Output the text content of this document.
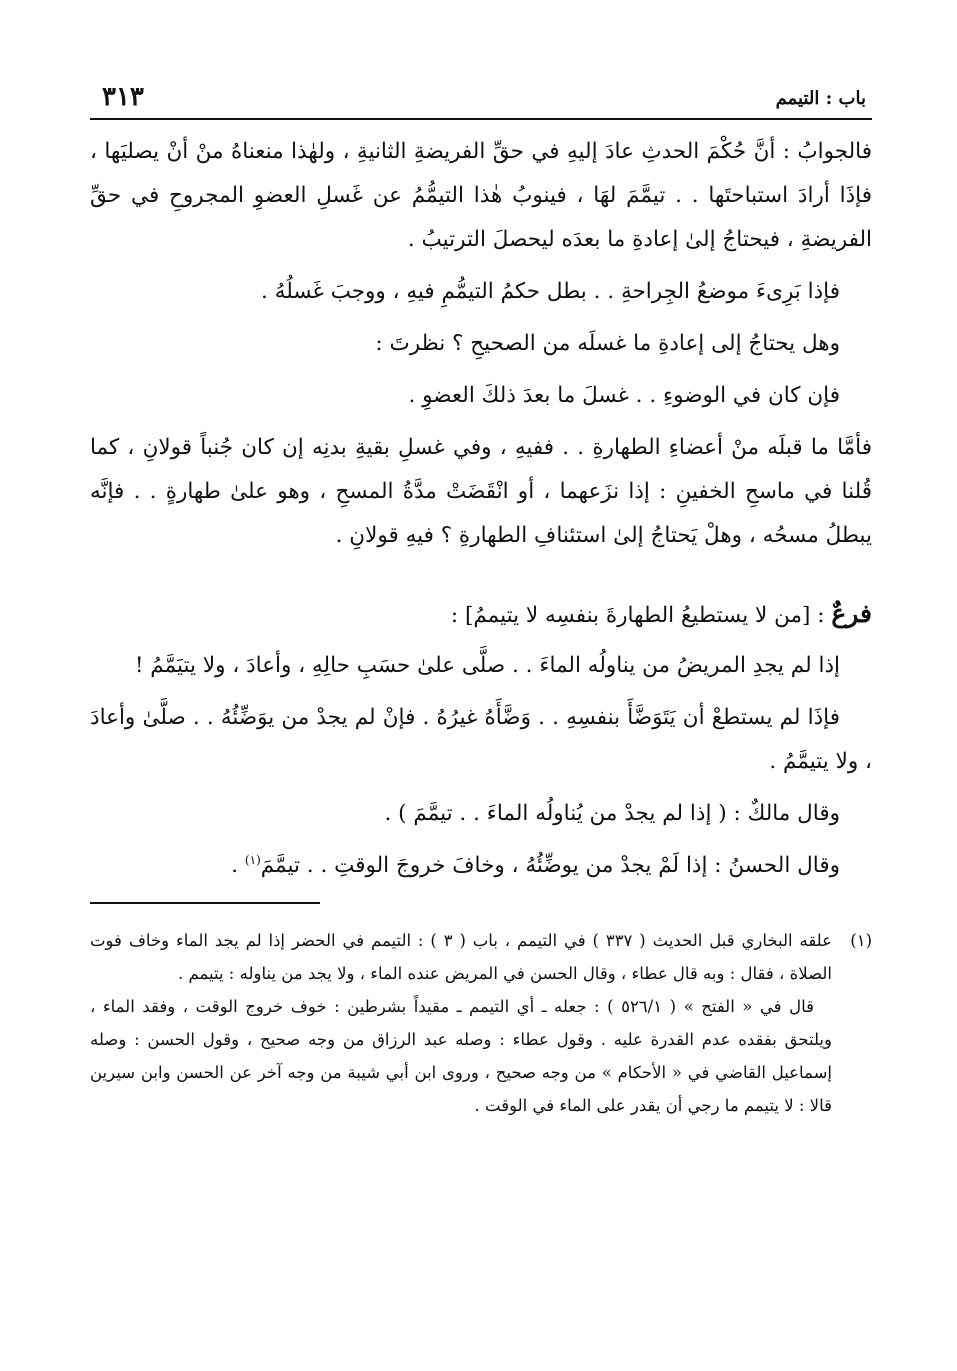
باب : التيمم
٣١٣

فالجوابُ : أنَّ حُكْمَ الحدثِ عادَ إليهِ في حقِّ الفريضةِ الثانيةِ ، ولهٰذا منعناهُ منْ أنْ يصليَها ، فإذَا أرادَ استباحتَها . . تيمَّمَ لهَا ، فينوبُ هٰذا التيمُّمُ عن غَسلِ العضوِ المجروحِ في حقِّ الفريضةِ ، فيحتاجُ إلىٰ إعادةِ ما بعدَه ليحصلَ الترتيبُ .

فإذا بَرِىءَ موضعُ الجِراحةِ . . بطل حكمُ التيمُّمِ فيهِ ، ووجبَ غَسلُهُ .

وهل يحتاجُ إلى إعادةِ ما غسلَه من الصحيحِ ؟ نظرتَ :

فإن كان في الوضوءِ . . غسلَ ما بعدَ ذلكَ العضوِ .

فأمَّا ما قبلَه منْ أعضاءِ الطهارةِ . . ففيهِ ، وفي غسلِ بقيةِ بدنِه إن كان جُنباً قولانِ ، كما قُلنا في ماسحِ الخفينِ : إذا نزَعهما ، أو انْقَضَتْ مدَّةُ المسحِ ، وهو علىٰ طهارةٍ . . فإنَّه يبطلُ مسحُه ، وهلْ يَحتاجُ إلىٰ استئنافِ الطهارةِ ؟ فيهِ قولانِ .

فرعٌ : [من لا يستطيعُ الطهارةَ بنفسِه لا يتيممُ] :

إذا لم يجدِ المريضُ من يناولُه الماءَ . . صلَّى علىٰ حسَبِ حالِهِ ، وأعادَ ، ولا يتيَمَّمُ !

فإذَا لم يستطعْ أن يَتَوَضَّأَ بنفسِهِ . . وَضَّأَهُ غيرُهُ . فإنْ لم يجدْ من يوَضِّئُهُ . . صلَّىٰ وأعادَ ، ولا يتيمَّمُ .

وقال مالكٌ : ( إذا لم يجدْ من يُناولُه الماءَ . . تيمَّمَ ) .

وقال الحسنُ : إذا لَمْ يجدْ من يوضِّئُهُ ، وخافَ خروجَ الوقتِ . . تيمَّمَ$^{(١)}$ .

(١)

علقه البخاري قبل الحديث ( ٣٣٧ ) في التيمم ، باب ( ٣ ) : التيمم في الحضر إذا لم يجد الماء وخاف فوت الصلاة ، فقال : وبه قال عطاء ، وقال الحسن في المريض عنده الماء ، ولا يجد من يناوله : يتيمم .

قال في « الفتح » ( ٥٢٦/١ ) : جعله ـ أي التيمم ـ مقيداً بشرطين : خوف خروج الوقت ، وفقد الماء ، ويلتحق بفقده عدم القدرة عليه . وقول عطاء : وصله عبد الرزاق من وجه صحيح ، وقول الحسن : وصله إسماعيل القاضي في « الأحكام » من وجه صحيح ، وروى ابن أبي شيبة من وجه آخر عن الحسن وابن سيرين قالا : لا يتيمم ما رجي أن يقدر على الماء في الوقت .
